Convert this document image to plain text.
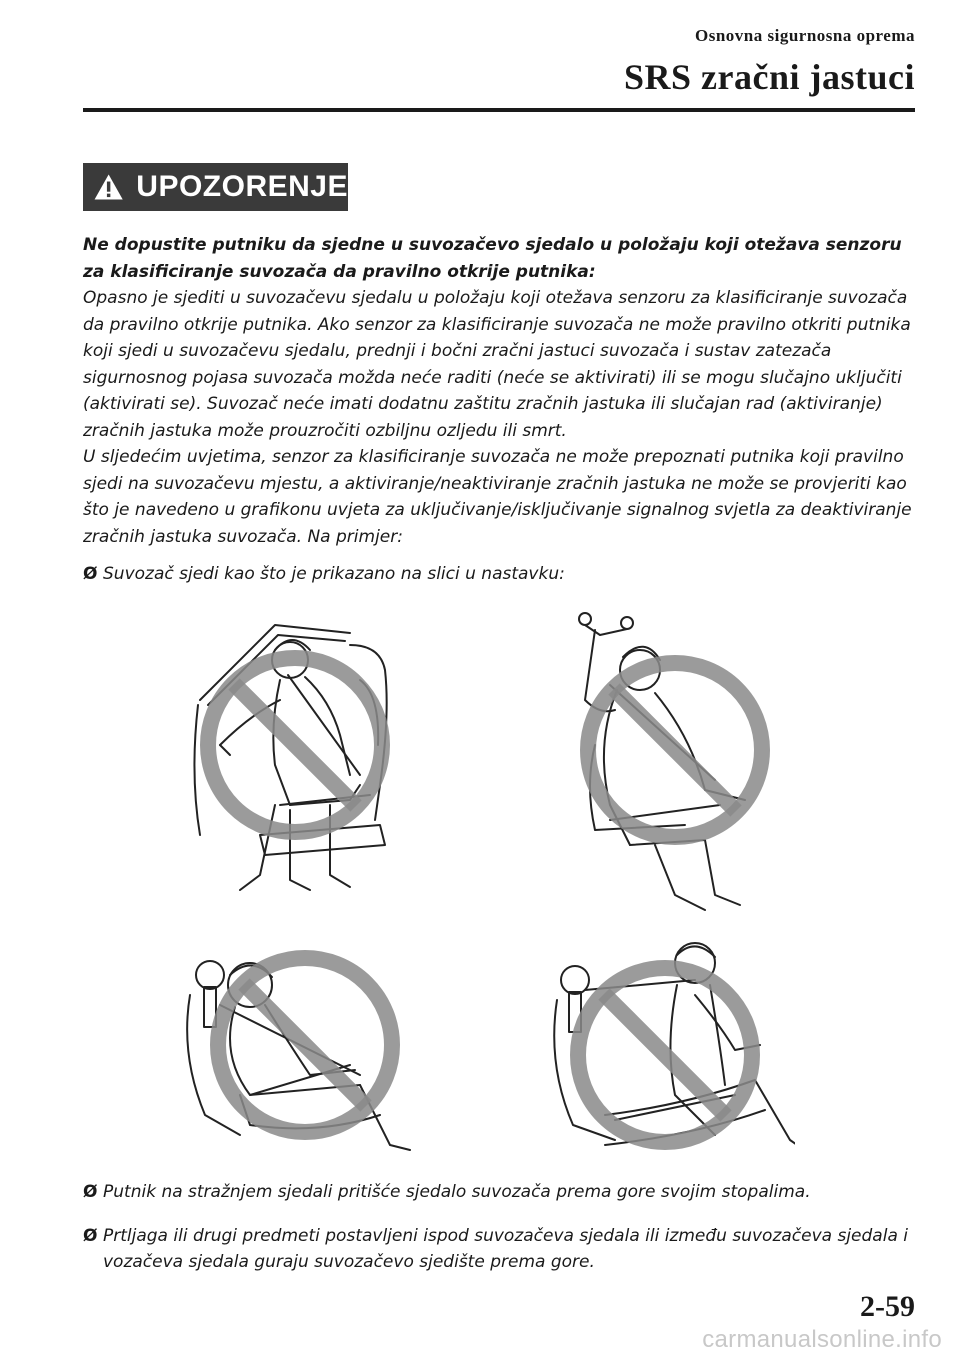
Osnovna sigurnosna oprema
SRS zračni jastuci
UPOZORENJE

Ne dopustite putniku da sjedne u suvozačevo sjedalo u položaju koji otežava senzoru za klasificiranje suvozača da pravilno otkrije putnika:

Opasno je sjediti u suvozačevu sjedalu u položaju koji otežava senzoru za klasificiranje suvozača da pravilno otkrije putnika. Ako senzor za klasificiranje suvozača ne može pravilno otkriti putnika koji sjedi u suvozačevu sjedalu, prednji i bočni zračni jastuci suvozača i sustav zatezača sigurnosnog pojasa suvozača možda neće raditi (neće se aktivirati) ili se mogu slučajno uključiti (aktivirati se). Suvozač neće imati dodatnu zaštitu zračnih jastuka ili slučajan rad (aktiviranje) zračnih jastuka može prouzročiti ozbiljnu ozljedu ili smrt.

U sljedećim uvjetima, senzor za klasificiranje suvozača ne može prepoznati putnika koji pravilno sjedi na suvozačevu mjestu, a aktiviranje/neaktiviranje zračnih jastuka ne može se provjeriti kao što je navedeno u grafikonu uvjeta za uključivanje/isključivanje signalnog svjetla za deaktiviranje zračnih jastuka suvozača. Na primjer:

Ø Suvozač sjedi kao što je prikazano na slici u nastavku:

Ø Putnik na stražnjem sjedali pritišće sjedalo suvozača prema gore svojim stopalima.

Ø Prtljaga ili drugi predmeti postavljeni ispod suvozačeva sjedala ili između suvozačeva sjedala i vozačeva sjedala guraju suvozačevo sjedište prema gore.

2-59
carmanualsonline.info
